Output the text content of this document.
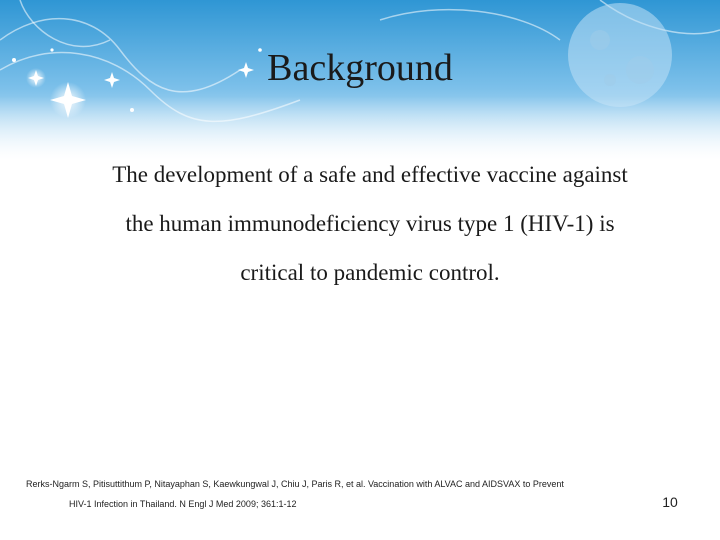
Background
The development of a safe and effective vaccine against
the human immunodeficiency virus type 1 (HIV-1) is
critical to pandemic control.
Rerks-Ngarm S, Pitisuttithum P, Nitayaphan S, Kaewkungwal J, Chiu J, Paris R, et al. Vaccination with ALVAC and AIDSVAX to Prevent
HIV-1 Infection in Thailand. N Engl J Med 2009; 361:1-12	10
